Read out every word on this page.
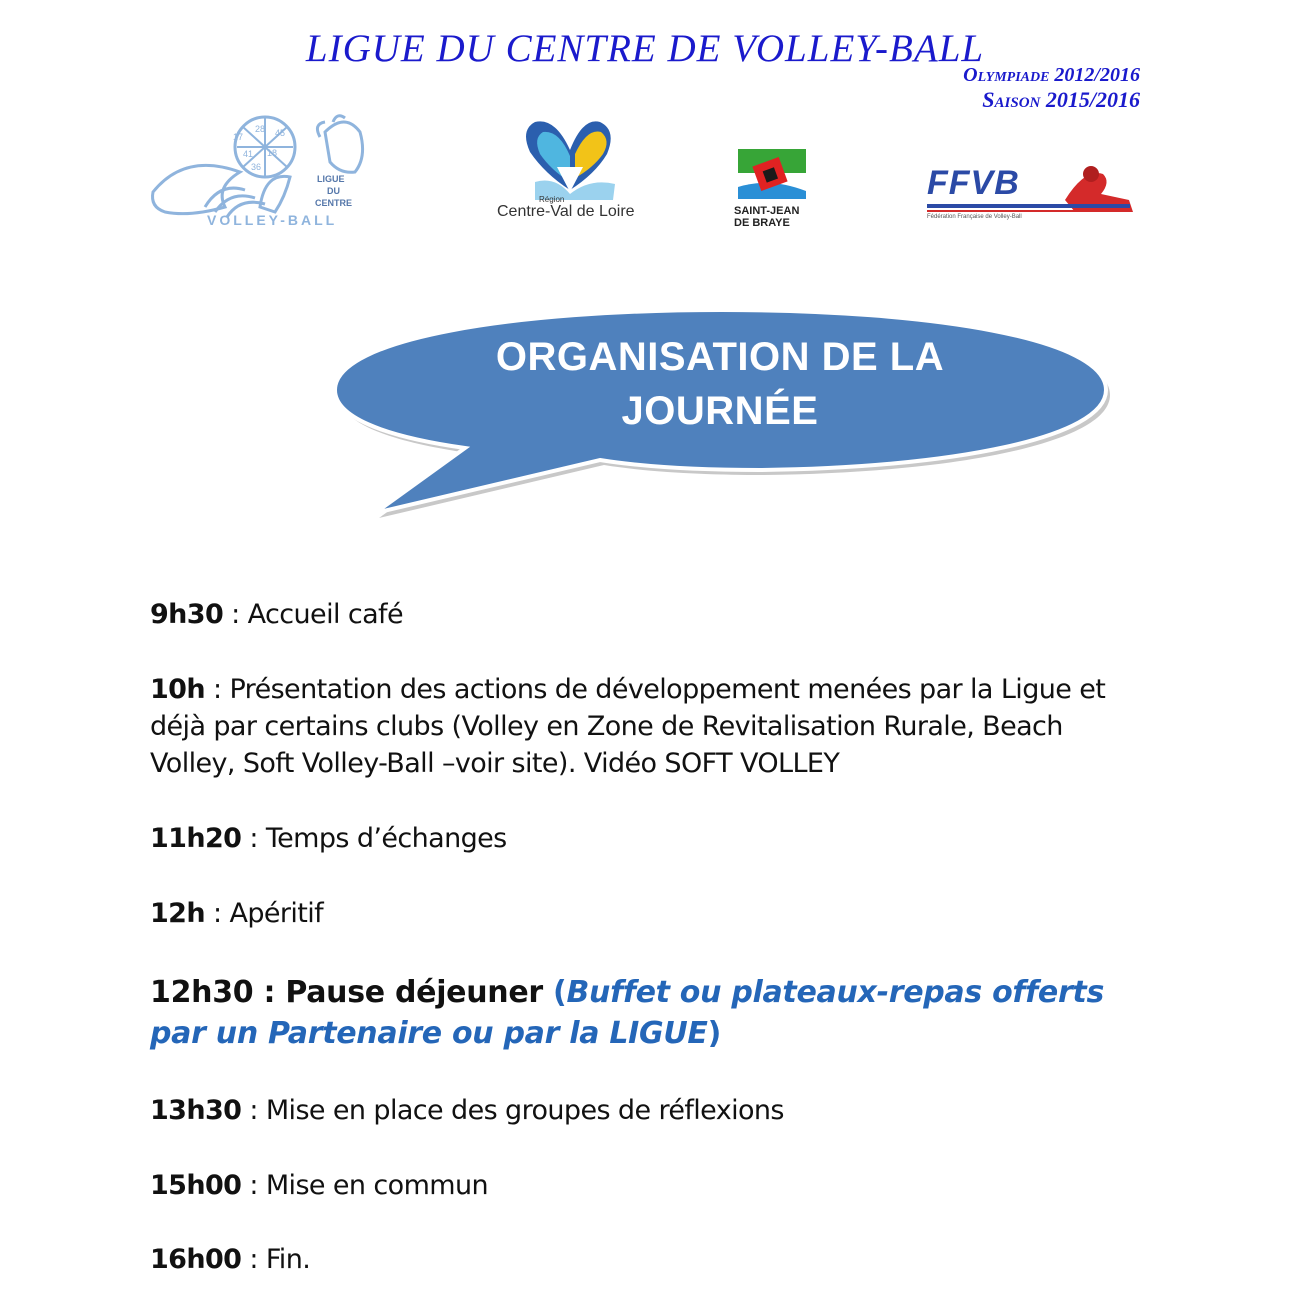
LIGUE DU CENTRE DE VOLLEY-BALL

Olympiade 2012/2016

Saison 2015/2016

17
28 45
41 18
36
LIGUE
DU
CENTRE
VOLLEY-BALL
Région
Centre-Val de Loire	SAINT-JEAN
DE BRAYE
FFVB
Fédération Française de Volley-Ball
ORGANISATION DE LA
JOURNÉE
9h30 : Accueil café
10h : Présentation des actions de développement menées par la Ligue et déjà par certains clubs (Volley en Zone de Revitalisation Rurale, Beach Volley, Soft Volley-Ball –voir site). Vidéo SOFT VOLLEY
11h20 : Temps d’échanges
12h : Apéritif
12h30 : Pause déjeuner (Buffet ou plateaux-repas offerts par un Partenaire ou par la LIGUE)
13h30 : Mise en place des groupes de réflexions
15h00 : Mise en commun
16h00 : Fin.
